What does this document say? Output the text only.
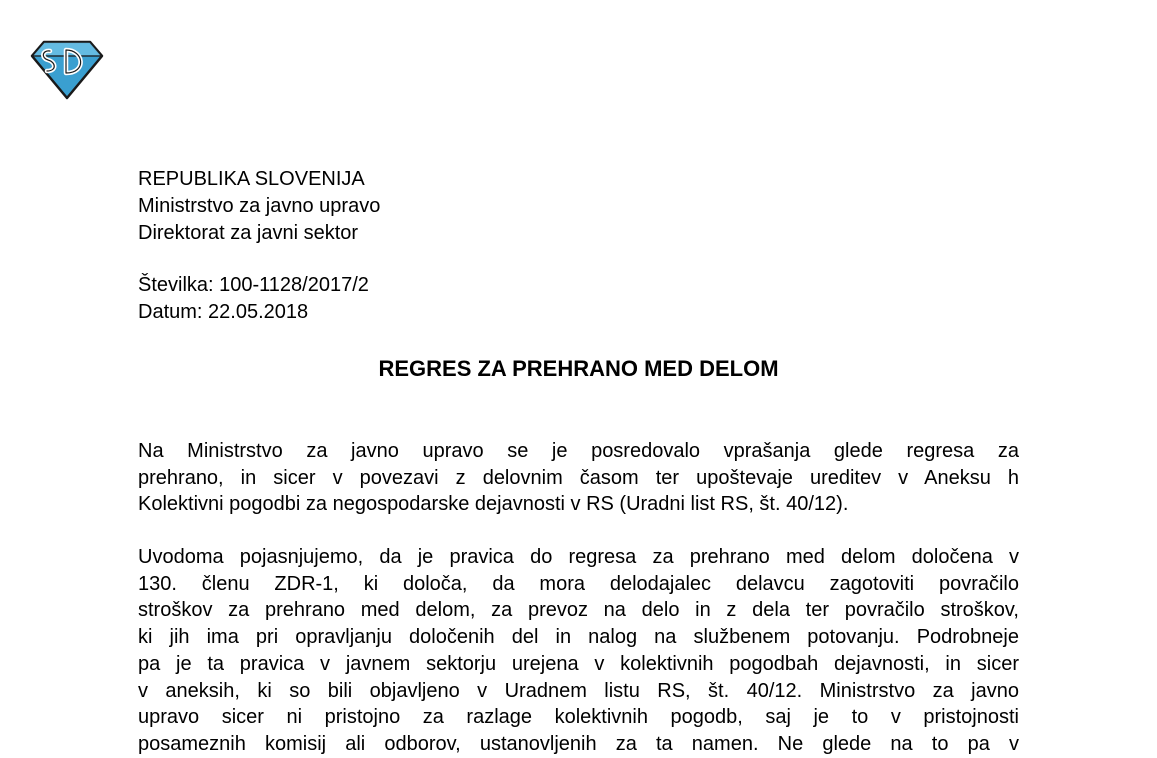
REPUBLIKA SLOVENIJA
Ministrstvo za javno upravo
Direktorat za javni sektor
Številka: 100-1128/2017/2
Datum: 22.05.2018
REGRES ZA PREHRANO MED DELOM
Na Ministrstvo za javno upravo se je posredovalo vprašanja glede regresa za
prehrano, in sicer v povezavi z delovnim časom ter upoštevaje ureditev v Aneksu h
Kolektivni pogodbi za negospodarske dejavnosti v RS (Uradni list RS, št. 40/12).
Uvodoma pojasnjujemo, da je pravica do regresa za prehrano med delom določena v
130. členu ZDR-1, ki določa, da mora delodajalec delavcu zagotoviti povračilo
stroškov za prehrano med delom, za prevoz na delo in z dela ter povračilo stroškov,
ki jih ima pri opravljanju določenih del in nalog na službenem potovanju. Podrobneje
pa je ta pravica v javnem sektorju urejena v kolektivnih pogodbah dejavnosti, in sicer
v aneksih, ki so bili objavljeno v Uradnem listu RS, št. 40/12. Ministrstvo za javno
upravo sicer ni pristojno za razlage kolektivnih pogodb, saj je to v pristojnosti
posameznih komisij ali odborov, ustanovljenih za ta namen. Ne glede na to pa v
